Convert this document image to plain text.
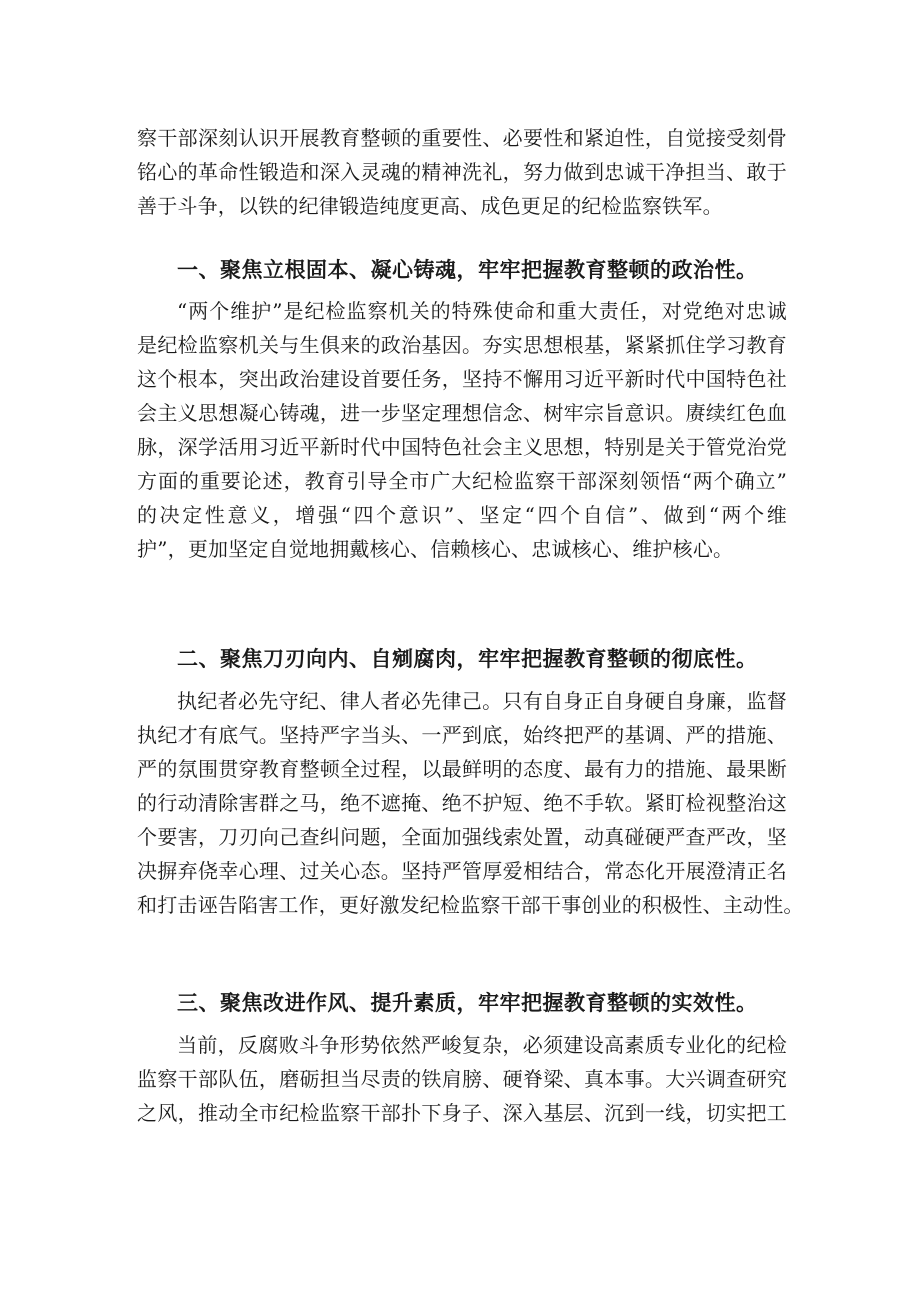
察干部深刻认识开展教育整顿的重要性、必要性和紧迫性，自觉接受刻骨
铭心的革命性锻造和深入灵魂的精神洗礼，努力做到忠诚干净担当、敢于
善于斗争，以铁的纪律锻造纯度更高、成色更足的纪检监察铁军。
一、聚焦立根固本、凝心铸魂，牢牢把握教育整顿的政治性。
“两个维护”是纪检监察机关的特殊使命和重大责任，对党绝对忠诚
是纪检监察机关与生俱来的政治基因。夯实思想根基，紧紧抓住学习教育
这个根本，突出政治建设首要任务，坚持不懈用习近平新时代中国特色社
会主义思想凝心铸魂，进一步坚定理想信念、树牢宗旨意识。赓续红色血
脉，深学活用习近平新时代中国特色社会主义思想，特别是关于管党治党
方面的重要论述，教育引导全市广大纪检监察干部深刻领悟“两个确立”
的决定性意义，增强“四个意识”、坚定“四个自信”、做到“两个维
护”，更加坚定自觉地拥戴核心、信赖核心、忠诚核心、维护核心。
二、聚焦刀刃向内、自剜腐肉，牢牢把握教育整顿的彻底性。
执纪者必先守纪、律人者必先律己。只有自身正自身硬自身廉，监督
执纪才有底气。坚持严字当头、一严到底，始终把严的基调、严的措施、
严的氛围贯穿教育整顿全过程，以最鲜明的态度、最有力的措施、最果断
的行动清除害群之马，绝不遮掩、绝不护短、绝不手软。紧盯检视整治这
个要害，刀刃向己查纠问题，全面加强线索处置，动真碰硬严查严改，坚
决摒弃侥幸心理、过关心态。坚持严管厚爱相结合，常态化开展澄清正名
和打击诬告陷害工作，更好激发纪检监察干部干事创业的积极性、主动性。
三、聚焦改进作风、提升素质，牢牢把握教育整顿的实效性。
当前，反腐败斗争形势依然严峻复杂，必须建设高素质专业化的纪检
监察干部队伍，磨砺担当尽责的铁肩膀、硬脊梁、真本事。大兴调查研究
之风，推动全市纪检监察干部扑下身子、深入基层、沉到一线，切实把工
